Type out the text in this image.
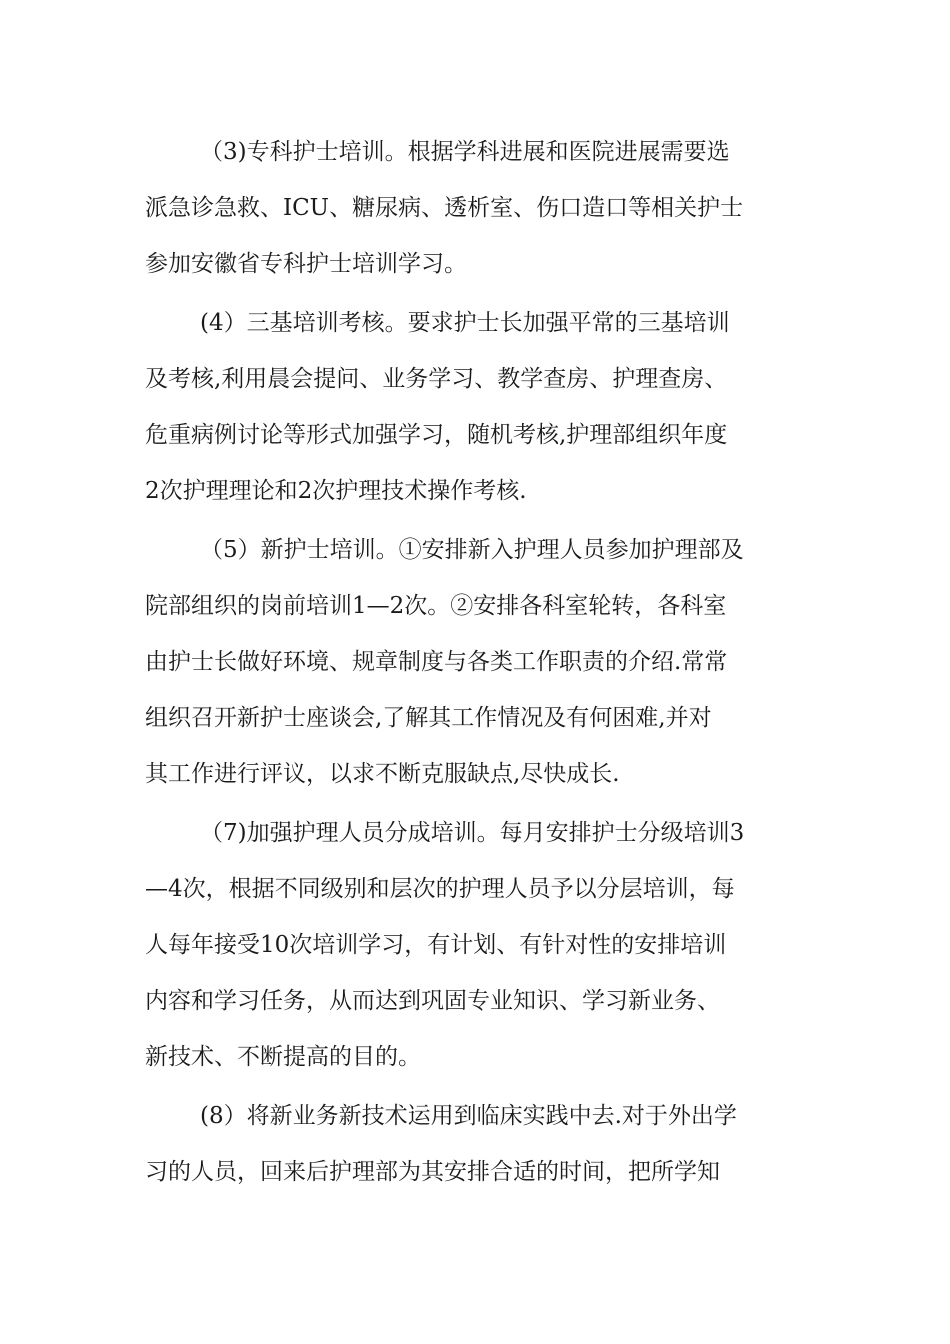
（3)专科护士培训。根据学科进展和医院进展需要选
派急诊急救、ICU、糖尿病、透析室、伤口造口等相关护士
参加安徽省专科护士培训学习。
(4）三基培训考核。要求护士长加强平常的三基培训
及考核,利用晨会提问、业务学习、教学查房、护理查房、
危重病例讨论等形式加强学习，随机考核,护理部组织年度
2次护理理论和2次护理技术操作考核.
（5）新护士培训。①安排新入护理人员参加护理部及
院部组织的岗前培训1—2次。②安排各科室轮转，各科室
由护士长做好环境、规章制度与各类工作职责的介绍.常常
组织召开新护士座谈会,了解其工作情况及有何困难,并对
其工作进行评议，以求不断克服缺点,尽快成长.
（7)加强护理人员分成培训。每月安排护士分级培训3
—4次，根据不同级别和层次的护理人员予以分层培训，每
人每年接受10次培训学习，有计划、有针对性的安排培训
内容和学习任务，从而达到巩固专业知识、学习新业务、
新技术、不断提高的目的。
(8）将新业务新技术运用到临床实践中去.对于外出学
习的人员，回来后护理部为其安排合适的时间，把所学知
